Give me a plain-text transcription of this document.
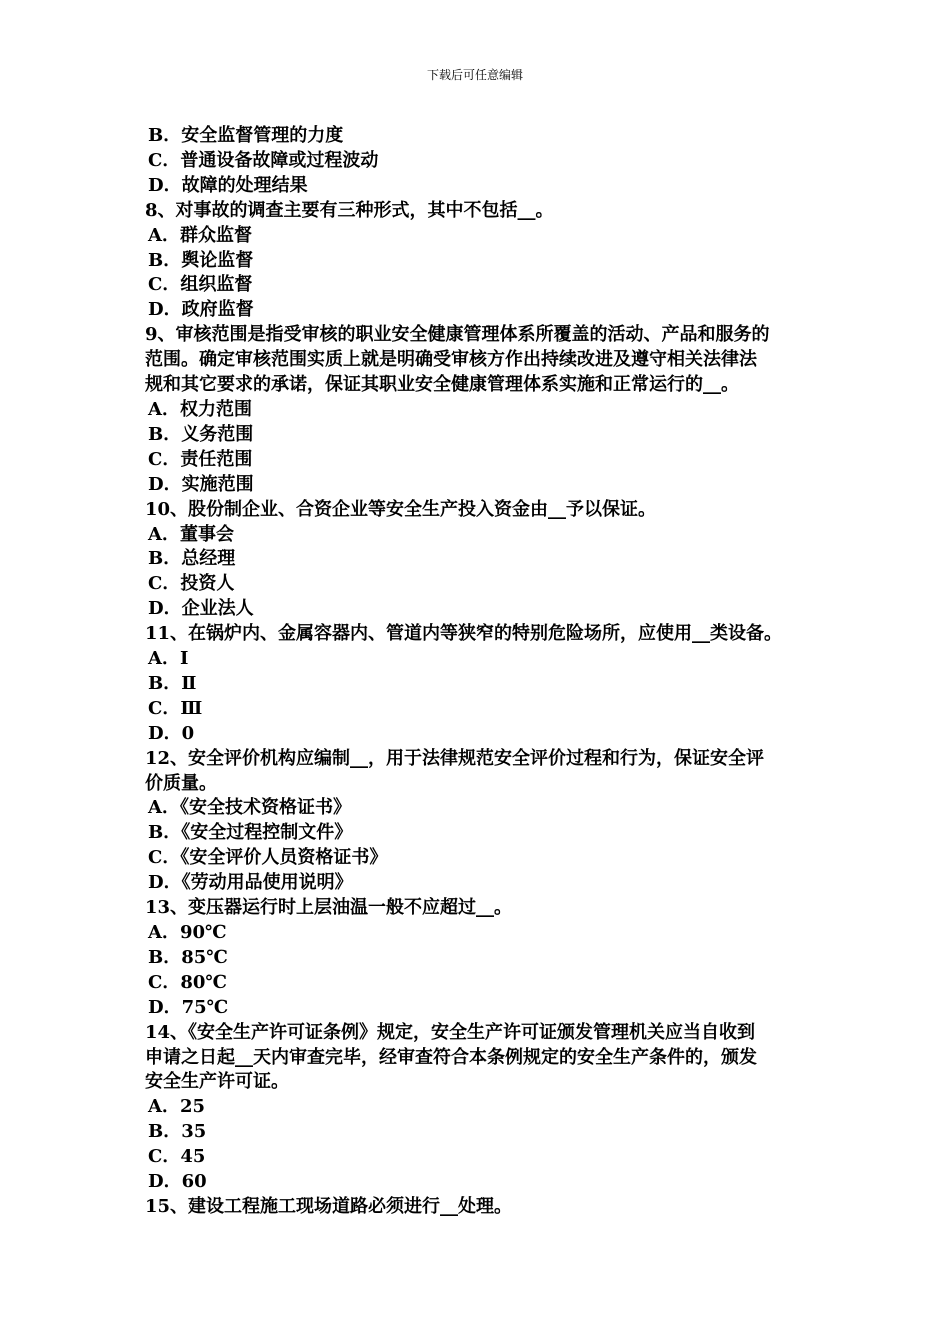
下载后可任意编辑
B．安全监督管理的力度
C．普通设备故障或过程波动
D．故障的处理结果
8、对事故的调查主要有三种形式，其中不包括__。
A．群众监督
B．舆论监督
C．组织监督
D．政府监督
9、审核范围是指受审核的职业安全健康管理体系所覆盖的活动、产品和服务的
范围。确定审核范围实质上就是明确受审核方作出持续改进及遵守相关法律法
规和其它要求的承诺，保证其职业安全健康管理体系实施和正常运行的__。
A．权力范围
B．义务范围
C．责任范围
D．实施范围
10、股份制企业、合资企业等安全生产投入资金由__予以保证。
A．董事会
B．总经理
C．投资人
D．企业法人
11、在锅炉内、金属容器内、管道内等狭窄的特别危险场所，应使用__类设备。
A．Ⅰ
B．Ⅱ
C．Ⅲ
D．0
12、安全评价机构应编制__，用于法律规范安全评价过程和行为，保证安全评
价质量。
A．《安全技术资格证书》
B．《安全过程控制文件》
C．《安全评价人员资格证书》
D．《劳动用品使用说明》
13、变压器运行时上层油温一般不应超过__。
A．90℃
B．85℃
C．80℃
D．75℃
14、《安全生产许可证条例》规定，安全生产许可证颁发管理机关应当自收到
申请之日起__天内审查完毕，经审查符合本条例规定的安全生产条件的，颁发
安全生产许可证。
A．25
B．35
C．45
D．60
15、建设工程施工现场道路必须进行__处理。
